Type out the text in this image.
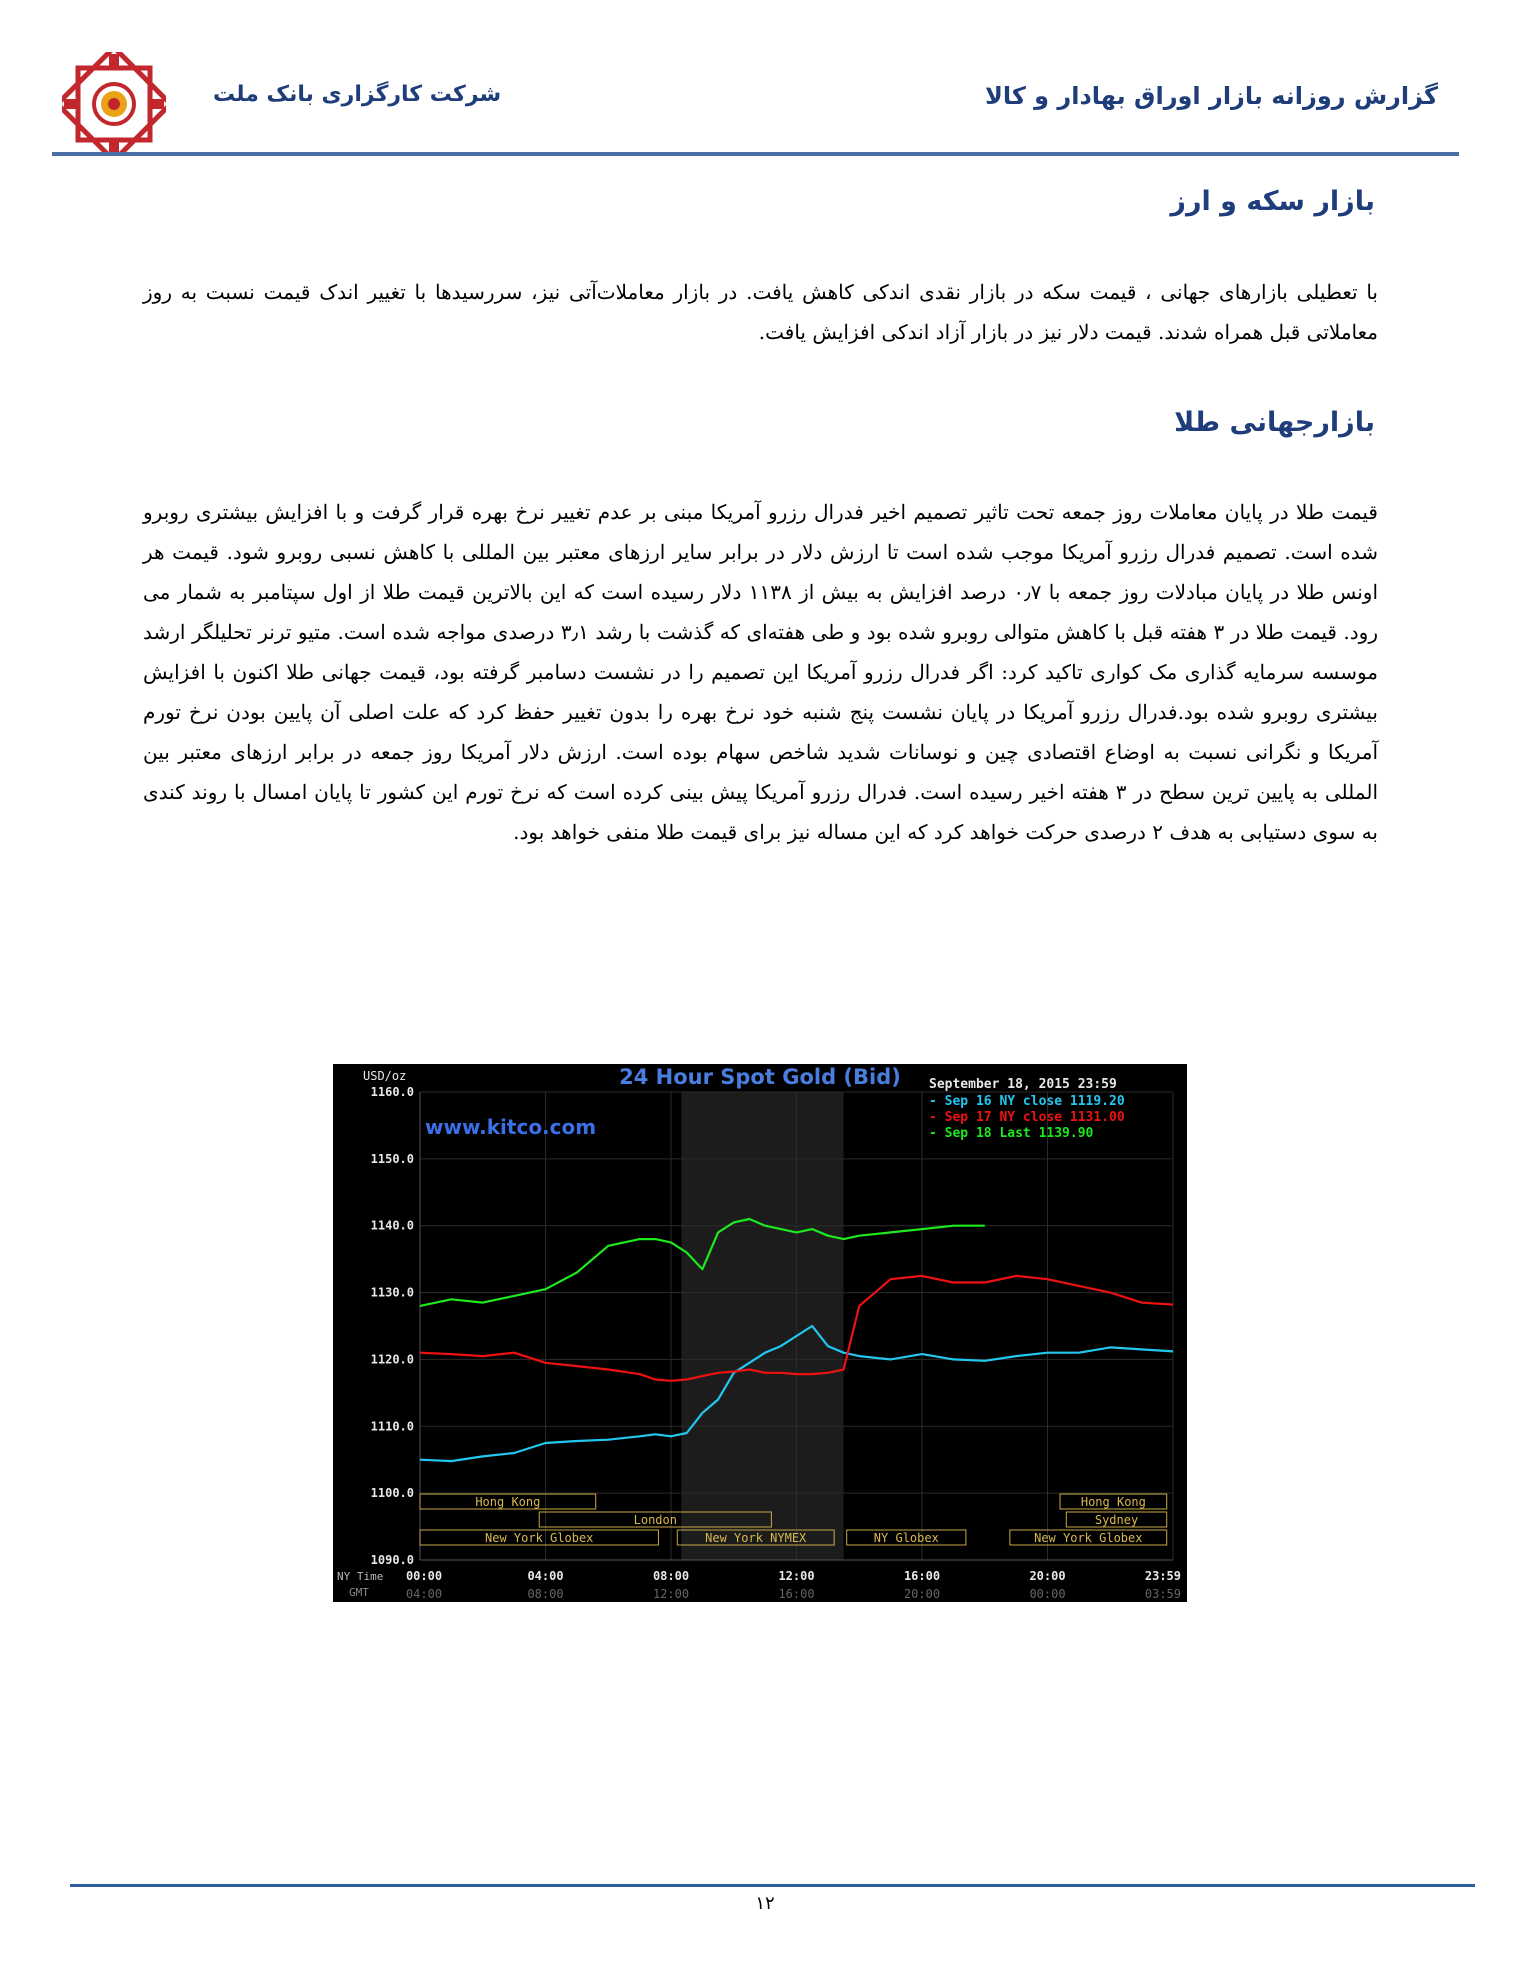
گزارش روزانه بازار اوراق بهادار و کالا
شرکت کارگزاری بانک ملت
بازار سکه و ارز
با تعطیلی بازارهای جهانی ، قیمت سکه در بازار نقدی اندکی کاهش یافت. در بازار معاملات‌آتی نیز، سررسیدها با تغییر اندک قیمت نسبت به روز معاملاتی قبل همراه شدند. قیمت دلار نیز در بازار آزاد اندکی افزایش یافت.
بازارجهانی طلا
قیمت طلا در پایان معاملات روز جمعه تحت تاثیر تصمیم اخیر فدرال رزرو آمریکا مبنی بر عدم تغییر نرخ بهره قرار گرفت و با افزایش بیشتری روبرو شده است. تصمیم فدرال رزرو آمریکا موجب شده است تا ارزش دلار در برابر سایر ارزهای معتبر بین المللی با کاهش نسبی روبرو شود. قیمت هر اونس طلا در پایان مبادلات روز جمعه با ۰٫۷ درصد افزایش به بیش از ۱۱۳۸ دلار رسیده است که این بالاترین قیمت طلا از اول سپتامبر به شمار می رود. قیمت طلا در ۳ هفته قبل با کاهش متوالی روبرو شده بود و طی هفته‌ای که گذشت با رشد ۳٫۱ درصدی مواجه شده است. متیو ترنر تحلیلگر ارشد موسسه سرمایه گذاری مک کواری تاکید کرد: اگر فدرال رزرو آمریکا این تصمیم را در نشست دسامبر گرفته بود، قیمت جهانی طلا اکنون با افزایش بیشتری روبرو شده بود.فدرال رزرو آمریکا در پایان نشست پنج شنبه خود نرخ بهره را بدون تغییر حفظ کرد که علت اصلی آن پایین بودن نرخ تورم آمریکا و نگرانی نسبت به اوضاع اقتصادی چین و نوسانات شدید شاخص سهام بوده است. ارزش دلار آمریکا روز جمعه در برابر ارزهای معتبر بین المللی به پایین ترین سطح در ۳ هفته اخیر رسیده است. فدرال رزرو آمریکا پیش بینی کرده است که نرخ تورم این کشور تا پایان امسال با روند کندی به سوی دستیابی به هدف ۲ درصدی حرکت خواهد کرد که این مساله نیز برای قیمت طلا منفی خواهد بود.
Hong Kong
London
New York Globex	New York NYMEX	NY Globex
Hong Kong
Sydney
New York Globex
1160.0
1150.0
1140.0
1130.0
1120.0
1110.0
1100.0
1090.0
00:00	04:00	08:00	12:00	16:00	20:00	23:59
04:00	08:00	12:00	16:00	20:00	00:00	03:59
NY Time
GMT
USD/oz	24 Hour Spot Gold (Bid)
www.kitco.com
September 18, 2015 23:59
- Sep 16 NY close 1119.20
- Sep 17 NY close 1131.00
- Sep 18 Last 1139.90
۱۲
